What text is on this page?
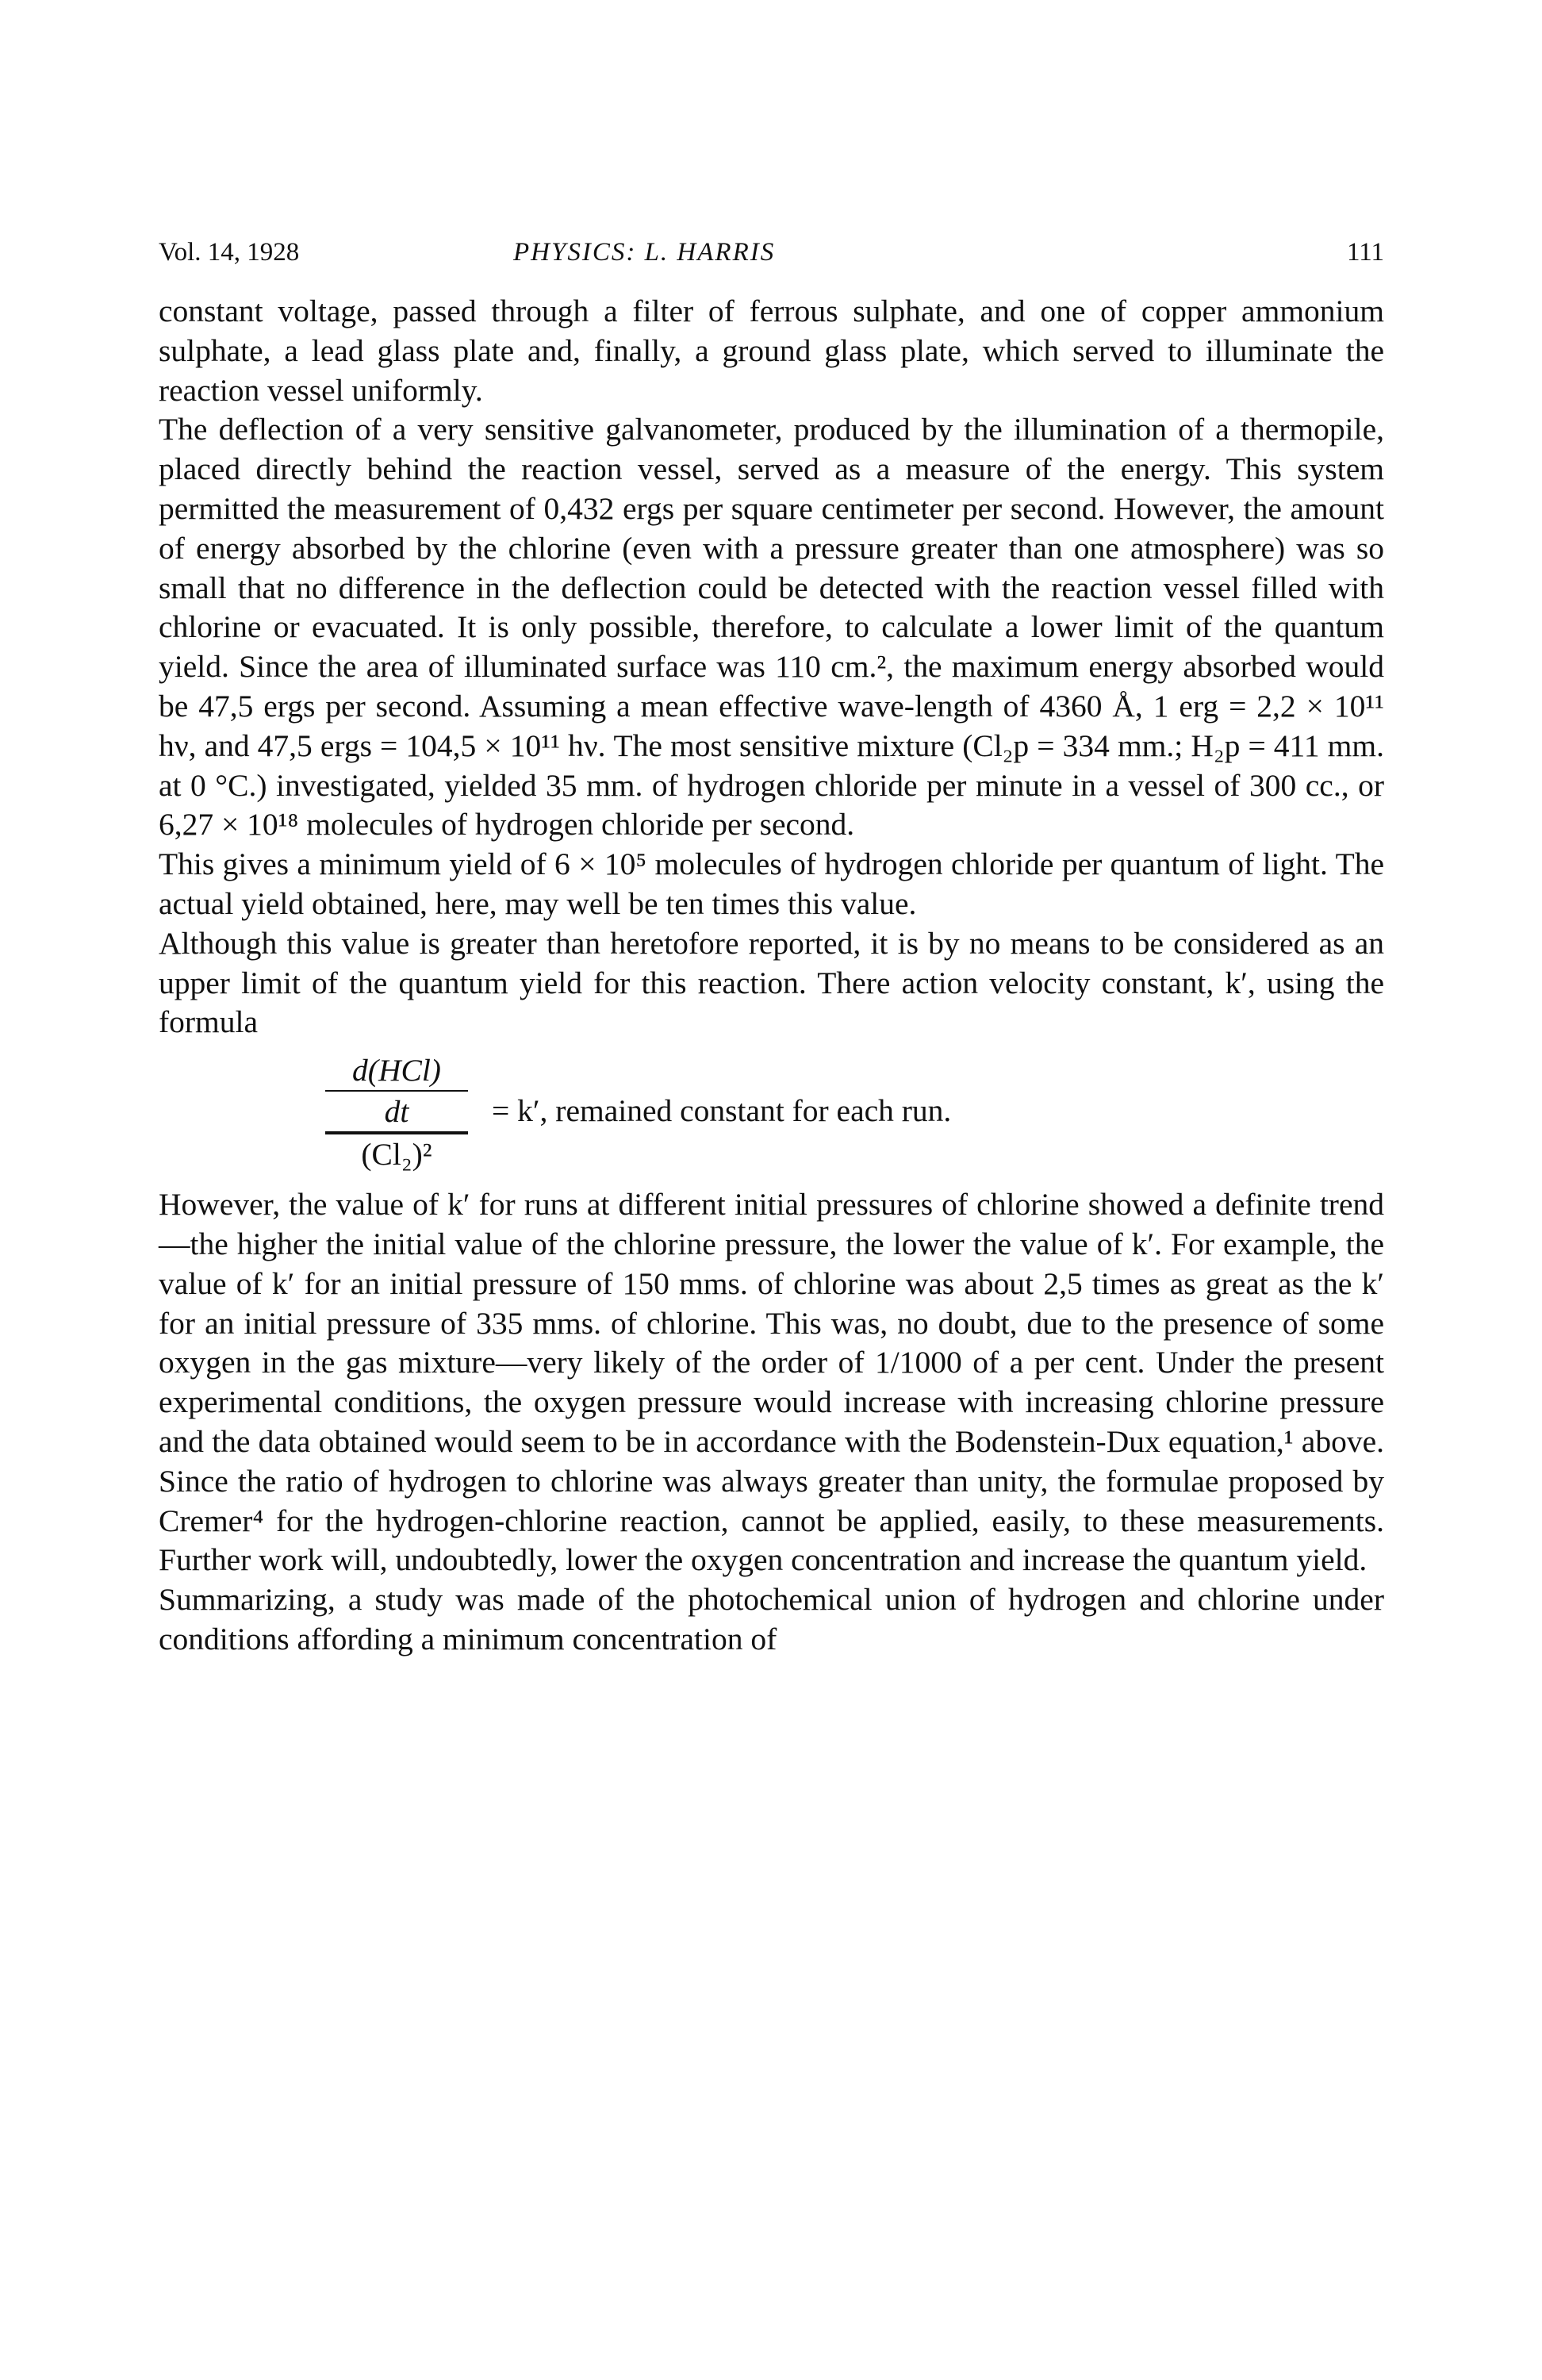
Vol. 14, 1928	PHYSICS: L. HARRIS	111

constant voltage, passed through a filter of ferrous sulphate, and one of copper ammonium sulphate, a lead glass plate and, finally, a ground glass plate, which served to illuminate the reaction vessel uniformly.

The deflection of a very sensitive galvanometer, produced by the illumination of a thermopile, placed directly behind the reaction vessel, served as a measure of the energy. This system permitted the measurement of 0,432 ergs per square centimeter per second. However, the amount of energy absorbed by the chlorine (even with a pressure greater than one atmosphere) was so small that no difference in the deflection could be detected with the reaction vessel filled with chlorine or evacuated. It is only possible, therefore, to calculate a lower limit of the quantum yield. Since the area of illuminated surface was 110 cm.², the maximum energy absorbed would be 47,5 ergs per second. Assuming a mean effective wave-length of 4360 Å, 1 erg = 2,2 × 10¹¹ hν, and 47,5 ergs = 104,5 × 10¹¹ hν. The most sensitive mixture (Cl₂p = 334 mm.; H₂p = 411 mm. at 0 °C.) investigated, yielded 35 mm. of hydrogen chloride per minute in a vessel of 300 cc., or 6,27 × 10¹⁸ molecules of hydrogen chloride per second.

This gives a minimum yield of 6 × 10⁵ molecules of hydrogen chloride per quantum of light. The actual yield obtained, here, may well be ten times this value.

Although this value is greater than heretofore reported, it is by no means to be considered as an upper limit of the quantum yield for this reaction. There action velocity constant, k′, using the formula

d(HCl)
dt
(Cl₂)²
= k′, remained constant for each run.

However, the value of k′ for runs at different initial pressures of chlorine showed a definite trend—the higher the initial value of the chlorine pressure, the lower the value of k′. For example, the value of k′ for an initial pressure of 150 mms. of chlorine was about 2,5 times as great as the k′ for an initial pressure of 335 mms. of chlorine. This was, no doubt, due to the presence of some oxygen in the gas mixture—very likely of the order of 1/1000 of a per cent. Under the present experimental conditions, the oxygen pressure would increase with increasing chlorine pressure and the data obtained would seem to be in accordance with the Bodenstein-Dux equation,¹ above. Since the ratio of hydrogen to chlorine was always greater than unity, the formulae proposed by Cremer⁴ for the hydrogen-chlorine reaction, cannot be applied, easily, to these measurements. Further work will, undoubtedly, lower the oxygen concentration and increase the quantum yield.

Summarizing, a study was made of the photochemical union of hydrogen and chlorine under conditions affording a minimum concentration of
